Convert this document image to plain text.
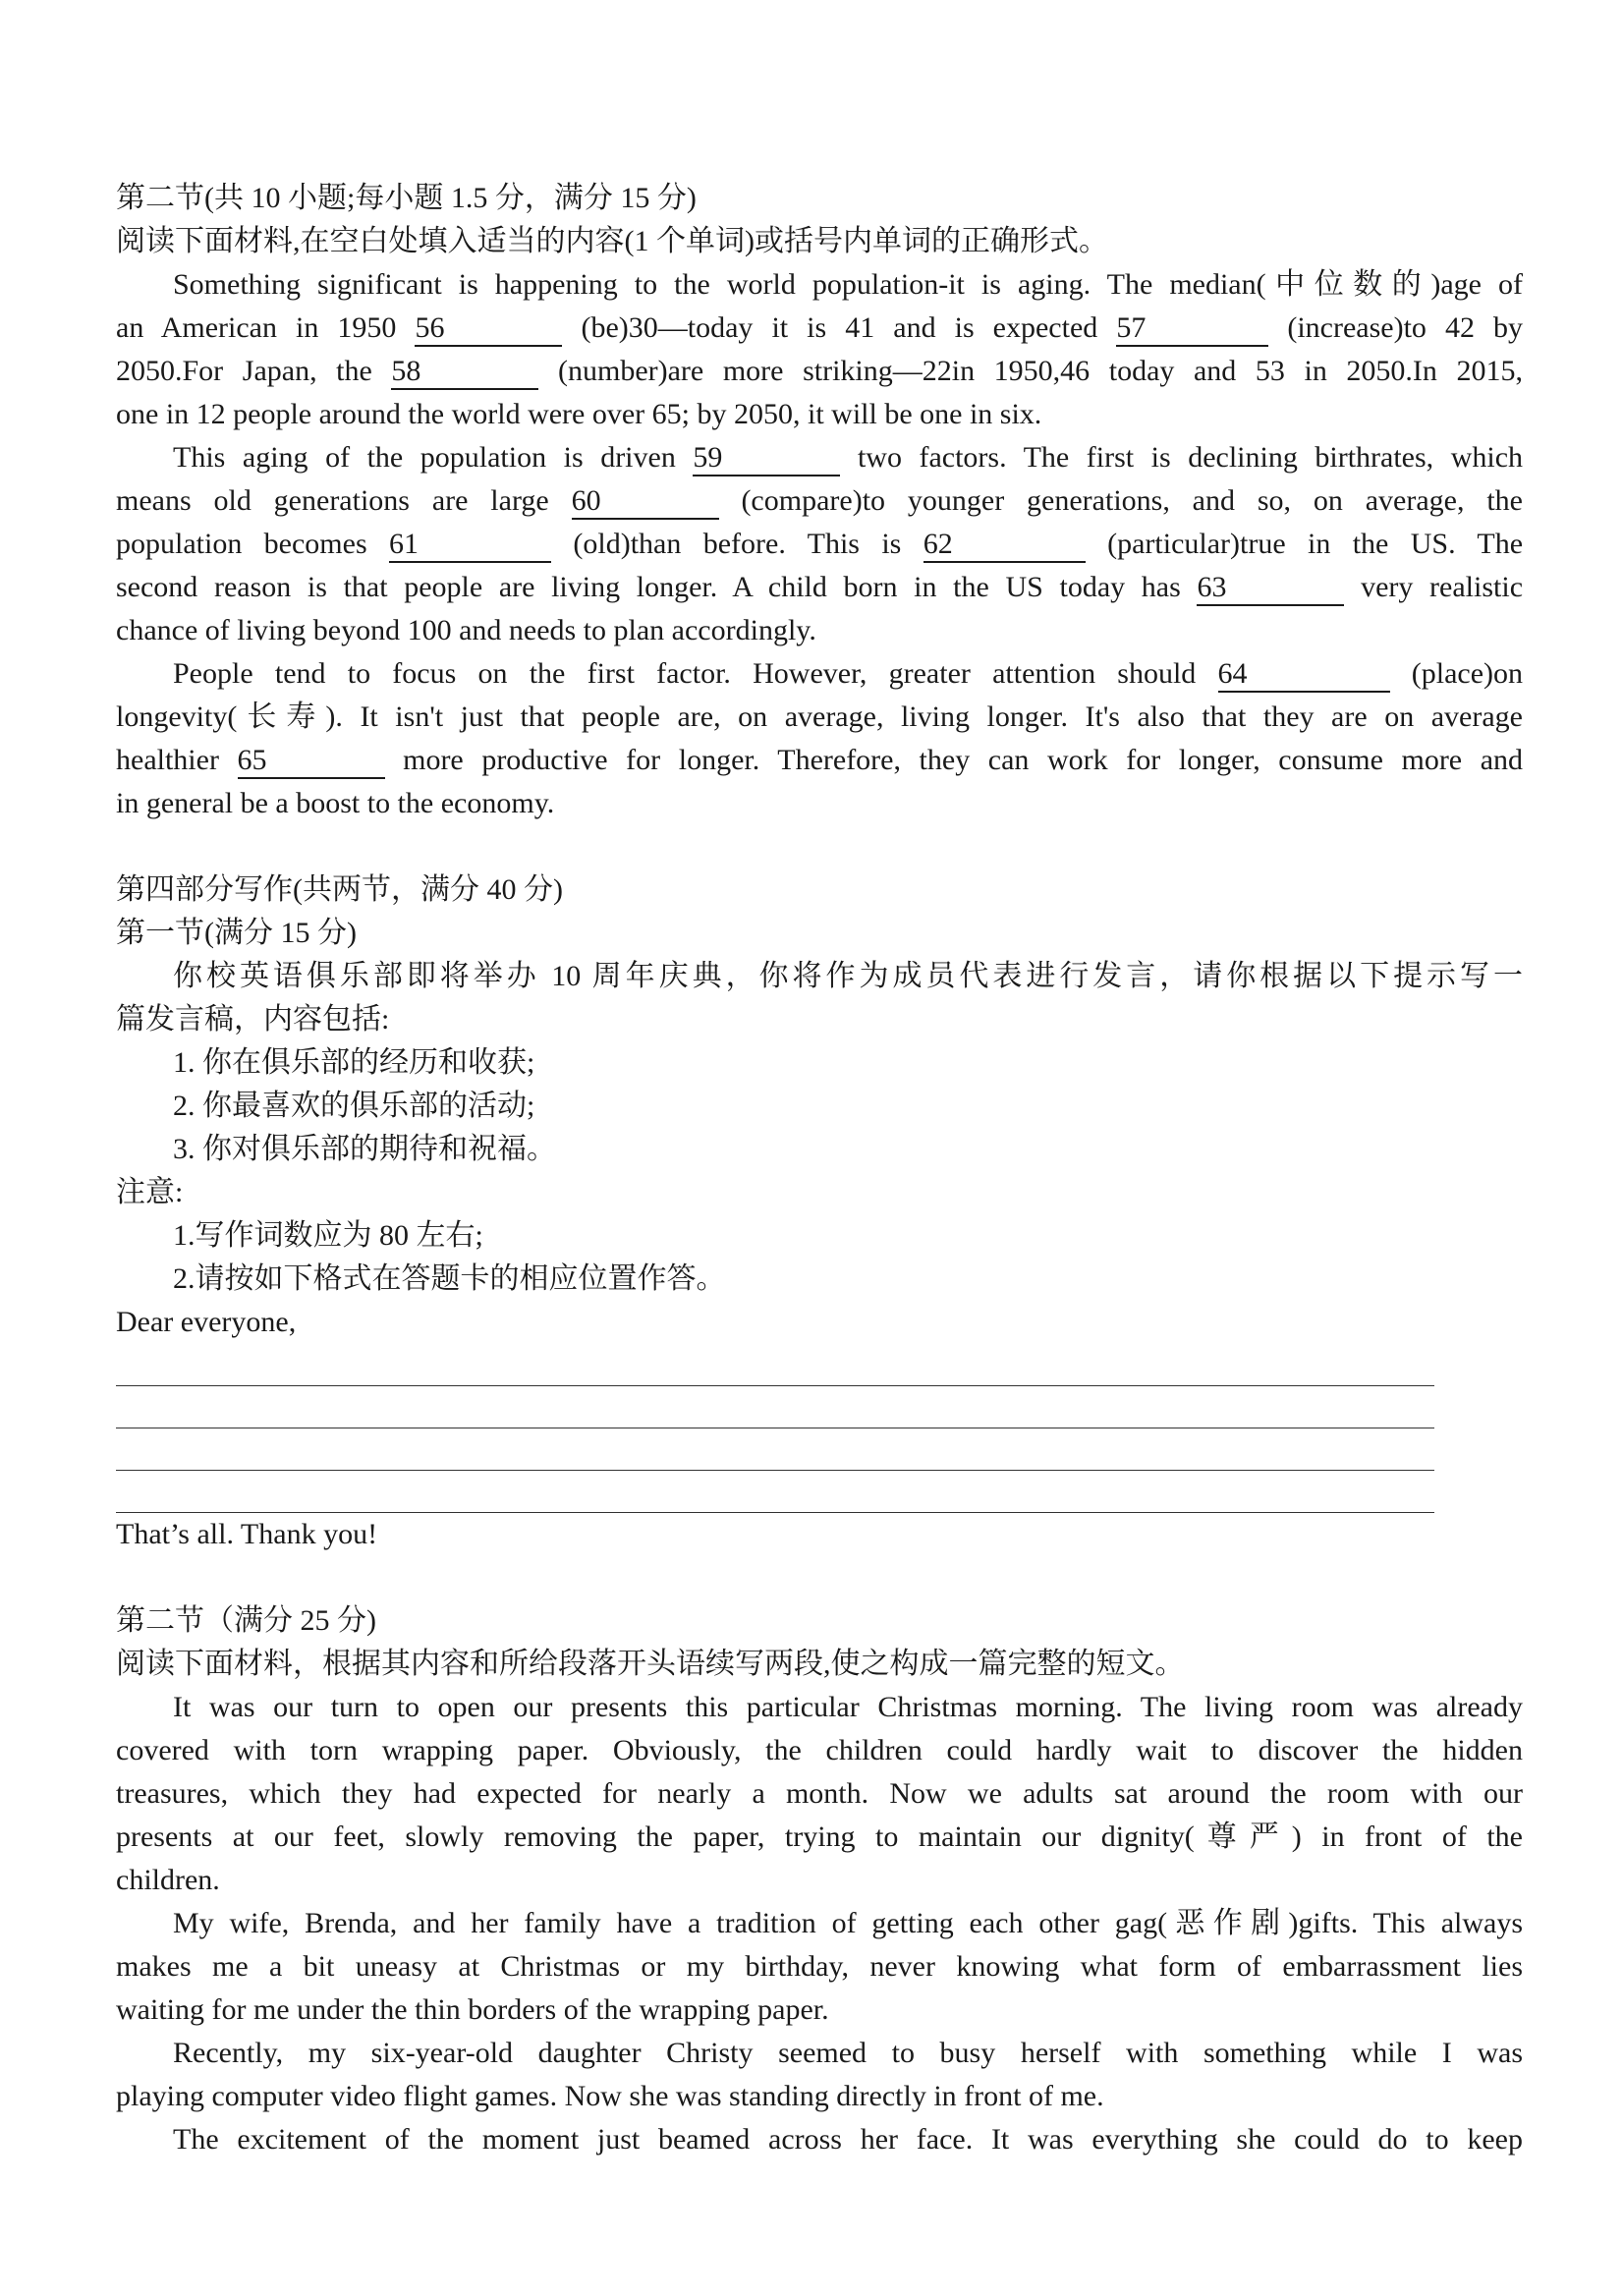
第二节(共 10 小题;每小题 1.5 分，满分 15 分)
阅读下面材料,在空白处填入适当的内容(1 个单词)或括号内单词的正确形式。
Something significant is happening to the world population-it is aging. The median(中位数的)age of
an American in 1950 56	(be)30—today it is 41 and is expected 57	(increase)to 42 by
2050.For Japan, the 58	(number)are more striking—22in 1950,46 today and 53 in 2050.In 2015,
one in 12 people around the world were over 65; by 2050, it will be one in six.
This aging of the population is driven 59	two factors. The first is declining birthrates, which
means old generations are large 60	(compare)to younger generations, and so, on average, the
population becomes 61	(old)than before. This is 62	(particular)true in the US. The
second reason is that people are living longer. A child born in the US today has 63	very realistic
chance of living beyond 100 and needs to plan accordingly.
People tend to focus on the first factor. However, greater attention should 64	(place)on
longevity(长寿). It isn't just that people are, on average, living longer. It's also that they are on average
healthier 65	more productive for longer. Therefore, they can work for longer, consume more and
in general be a boost to the economy.
第四部分写作(共两节，满分 40 分)
第一节(满分 15 分)
你校英语俱乐部即将举办 10 周年庆典，你将作为成员代表进行发言，请你根据以下提示写一
篇发言稿，内容包括:
1. 你在俱乐部的经历和收获;
2. 你最喜欢的俱乐部的活动;
3. 你对俱乐部的期待和祝福。
注意:
1.写作词数应为 80 左右;
2.请按如下格式在答题卡的相应位置作答。
Dear everyone,
That’s all. Thank you!
第二节（满分 25 分)
阅读下面材料，根据其内容和所给段落开头语续写两段,使之构成一篇完整的短文。
It was our turn to open our presents this particular Christmas morning. The living room was already
covered with torn wrapping paper. Obviously, the children could hardly wait to discover the hidden
treasures, which they had expected for nearly a month. Now we adults sat around the room with our
presents at our feet, slowly removing the paper, trying to maintain our dignity(尊严) in front of the
children.
My wife, Brenda, and her family have a tradition of getting each other gag(恶作剧)gifts. This always
makes me a bit uneasy at Christmas or my birthday, never knowing what form of embarrassment lies
waiting for me under the thin borders of the wrapping paper.
Recently, my six-year-old daughter Christy seemed to busy herself with something while I was
playing computer video flight games. Now she was standing directly in front of me.
The excitement of the moment just beamed across her face. It was everything she could do to keep
